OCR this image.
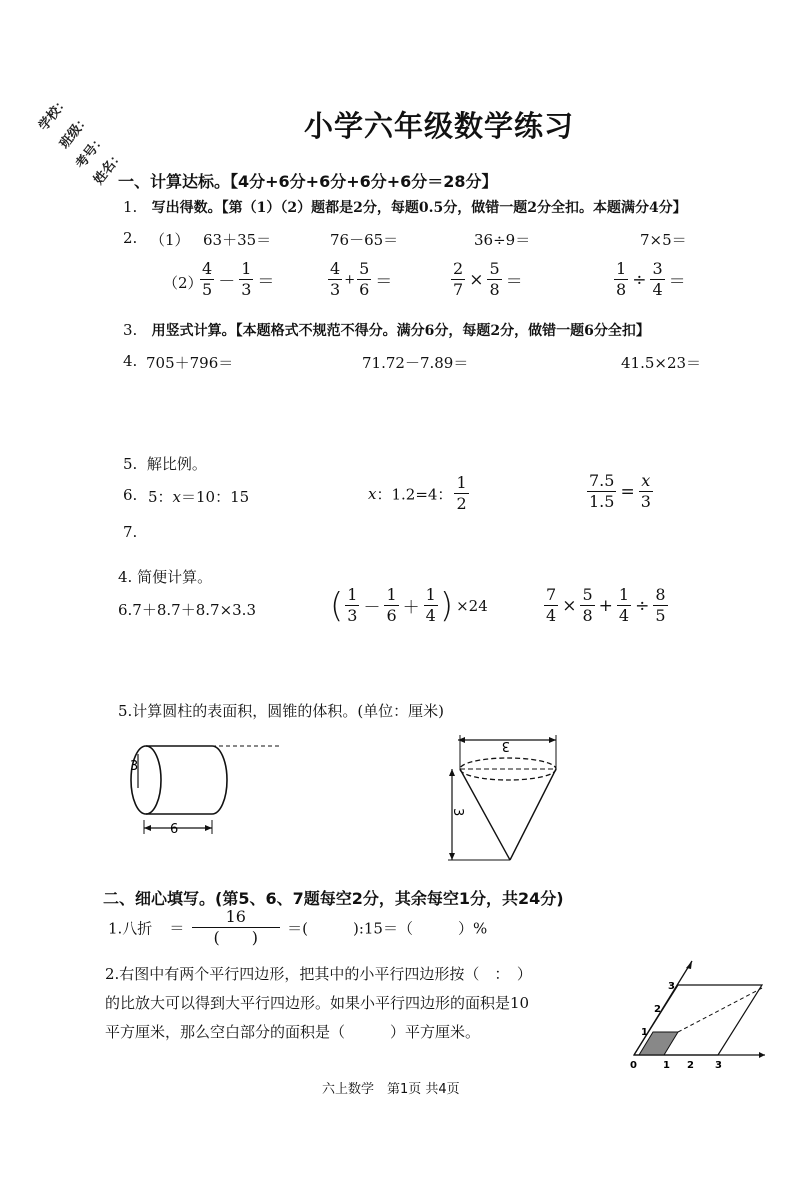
学校：
班级：
考号：
姓名：
小学六年级数学练习
一、计算达标。【4分+6分+6分+6分+6分＝28分】
1. 写出得数。【第（1）（2）题都是2分，每题0.5分，做错一题2分全扣。本题满分4分】
2. （1） 63＋35＝	76－65＝	36÷9＝	7×5＝
（2）
$\frac{4}{5} - \frac{1}{3}$ ＝	$\frac{4}{3} + \frac{5}{6}$ ＝	$\frac{2}{7} \times \frac{5}{8}$ ＝	$\frac{1}{8} \div \frac{3}{4}$ ＝
3. 用竖式计算。【本题格式不规范不得分。满分6分，每题2分，做错一题6分全扣】
4. 705＋796＝	71.72－7.89＝	41.5×23＝
5. 解比例。
6. 5：x＝10：15	x：1.2=4： $\frac{1}{2}$	$\frac{7.5}{1.5} = \frac{x}{3}$
7.
4. 简便计算。
6.7＋8.7＋8.7×3.3 ( $\frac{1}{3} - \frac{1}{6} + \frac{1}{4}$ ) ×24	$\frac{7}{4} \times \frac{5}{8} + \frac{1}{4} \div \frac{8}{5}$
5.计算圆柱的表面积，圆锥的体积。(单位：厘米)
3
6
3
3
二、细心填写。(第5、6、7题每空2分，其余每空1分，共24分)
1.八折 ＝ $\frac{16}{( )}$ ＝(　　　):15＝（　　　）%
2.右图中有两个平行四边形，把其中的小平行四边形按（　：　）
的比放大可以得到大平行四边形。如果小平行四边形的面积是10
平方厘米，那么空白部分的面积是（　　　）平方厘米。
0	1 2 3
1
2
3
六上数学　第1页 共4页
